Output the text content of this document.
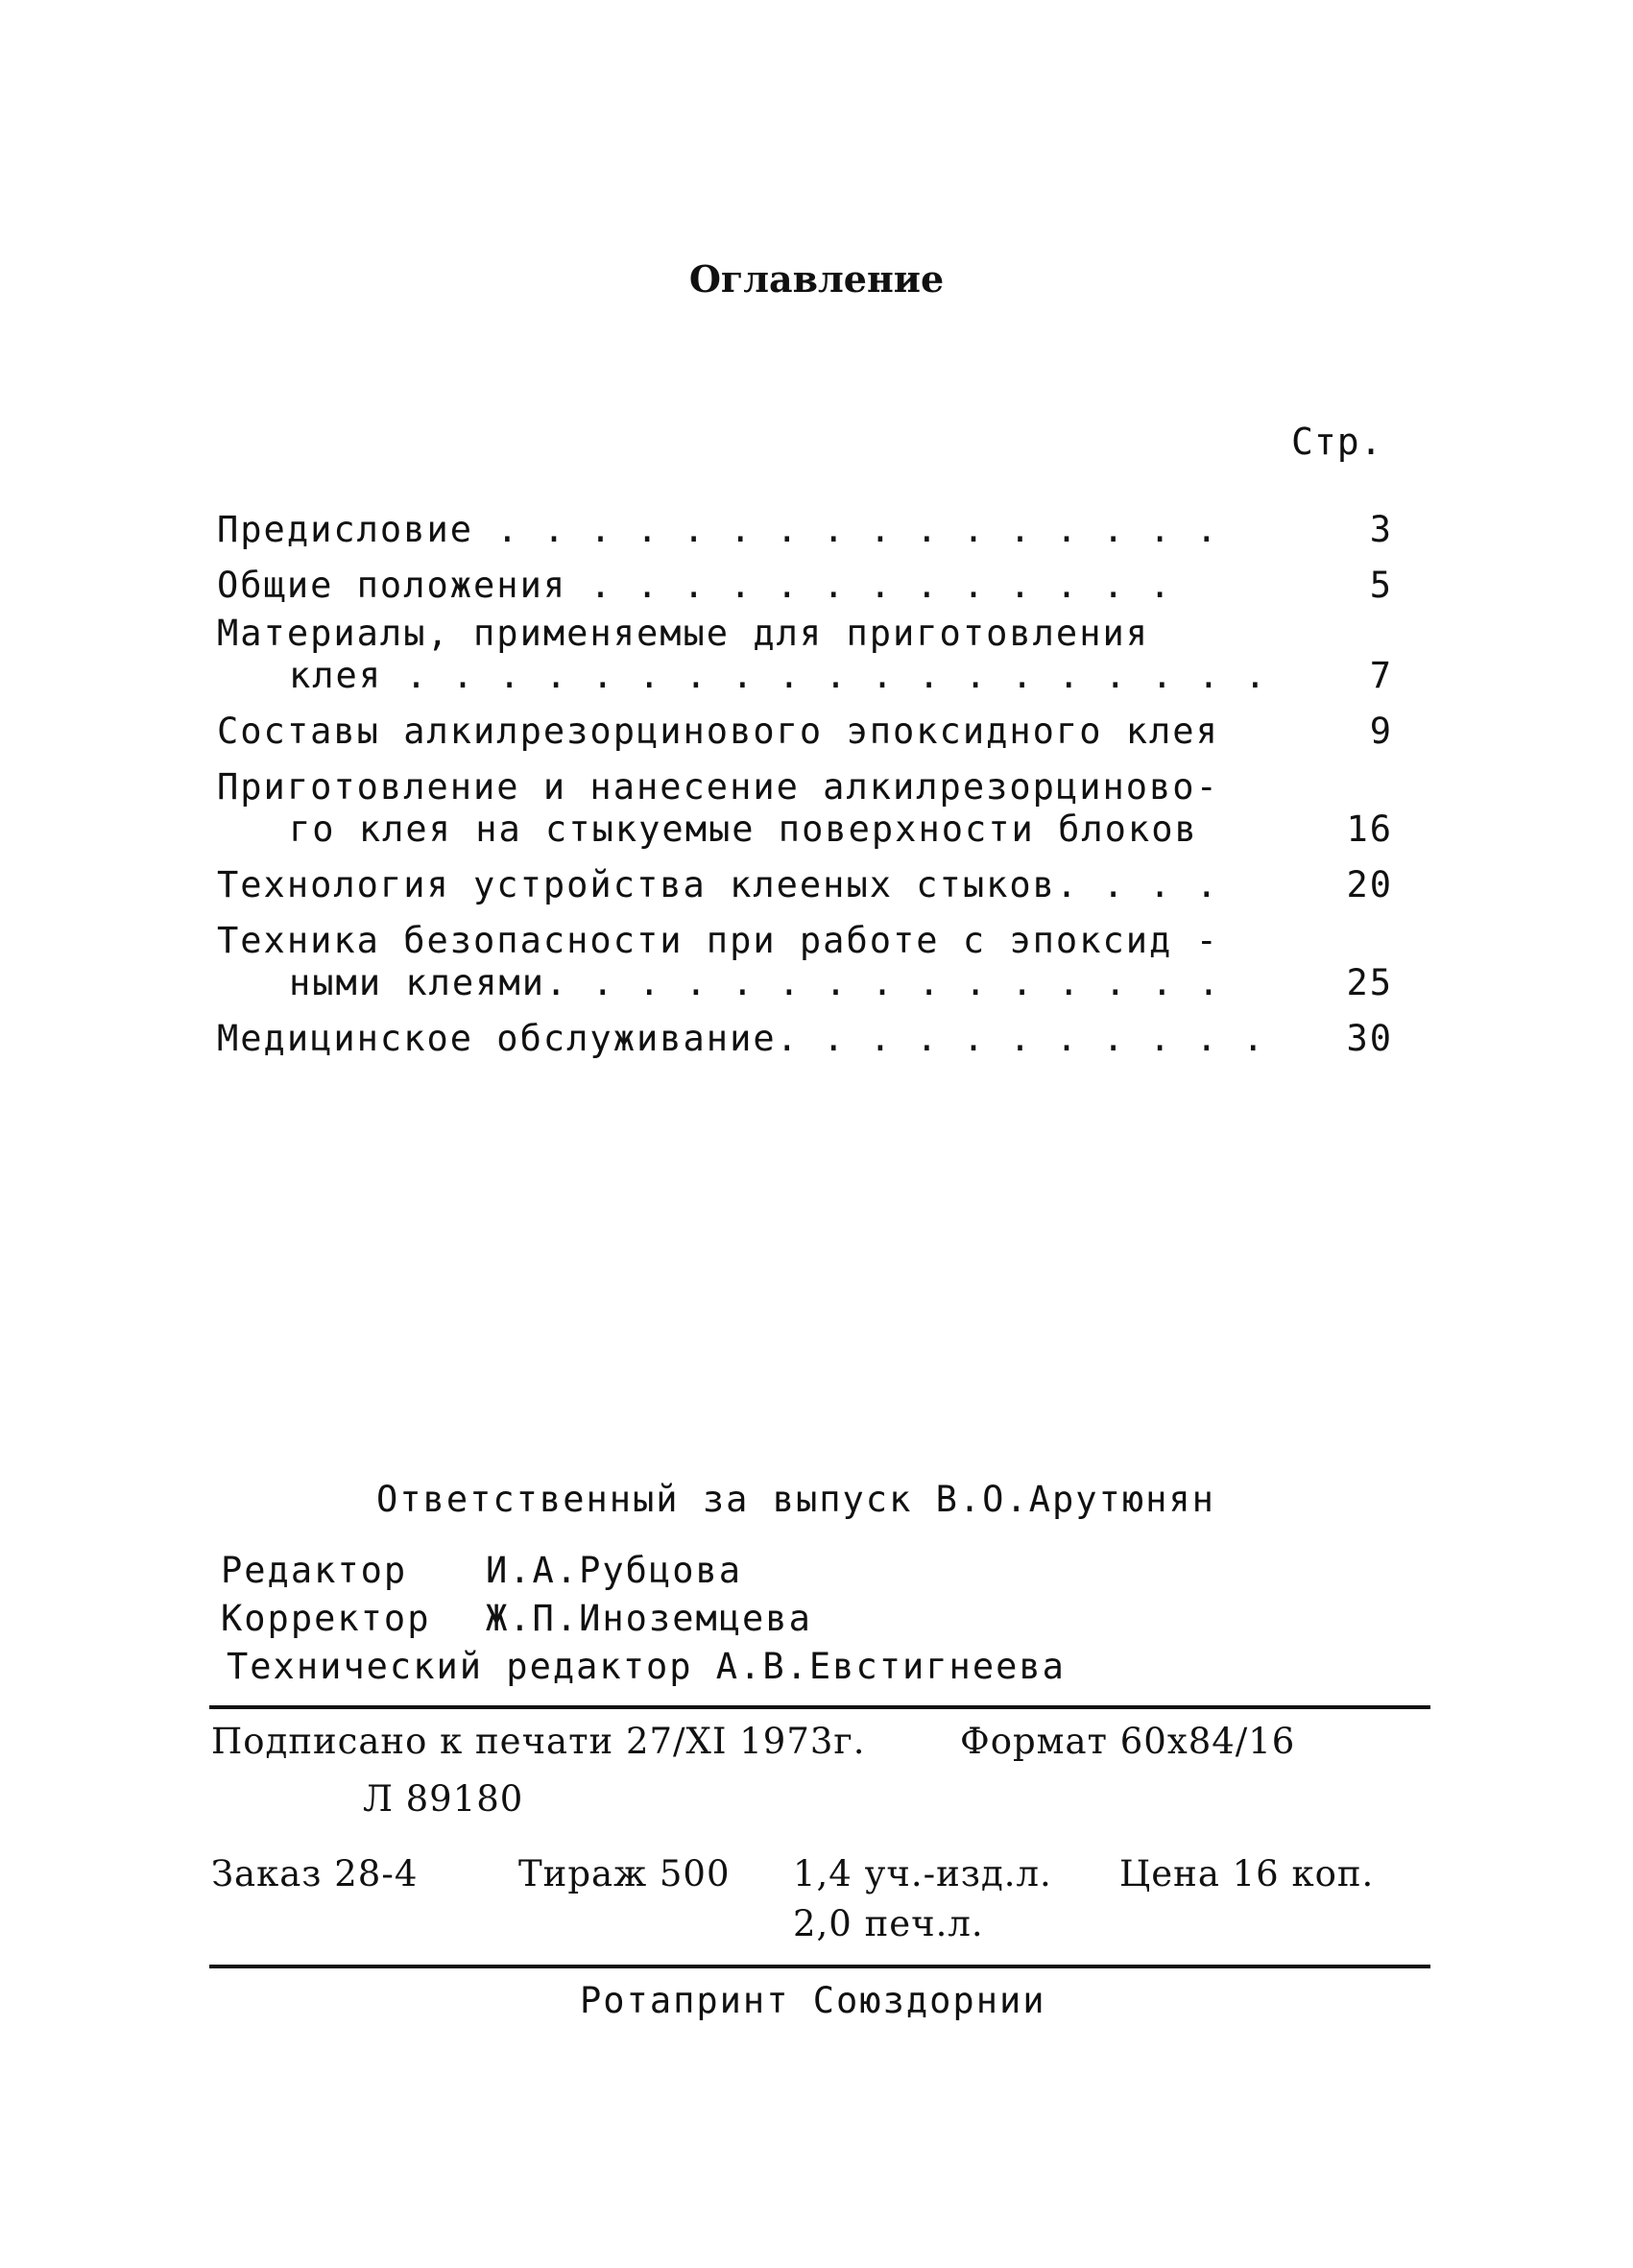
Оглавление
Стр.
Предисловие . . . . . . . . . . . . . . . .	3
Общие положения . . . . . . . . . . . . .	5
Материалы, применяемые для приготовления
клея . . . . . . . . . . . . . . . . . . .	7
Составы алкилрезорцинового эпоксидного клея	9
Приготовление и нанесение алкилрезорциново-
го клея на стыкуемые поверхности блоков	16
Технология устройства клееных стыков. . . .	20
Техника безопасности при работе с эпоксид -
ными клеями. . . . . . . . . . . . . . .	25
Медицинское обслуживание. . . . . . . . . . .	30
Ответственный за выпуск В.О.Арутюнян
Редактор И.А.Рубцова
Корректор Ж.П.Иноземцева
Технический редактор А.В.Евстигнеева
Подписано к печати 27/XI 1973г.	Формат 60x84/16
Л 89180
Заказ 28-4	Тираж 500 1,4 уч.-изд.л. Цена 16 коп.
2,0 печ.л.
Ротапринт Союздорнии
